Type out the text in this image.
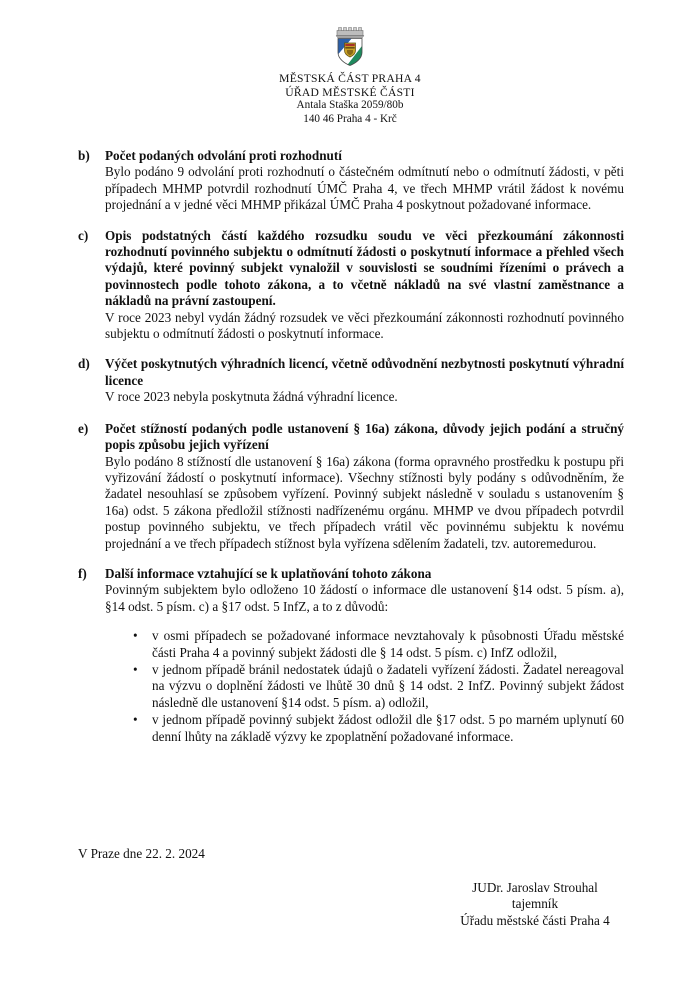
MĚSTSKÁ ČÁST PRAHA 4
ÚŘAD MĚSTSKÉ ČÁSTI
Antala Staška 2059/80b
140 46 Praha 4 - Krč
b)	Počet podaných odvolání proti rozhodnutí

Bylo podáno 9 odvolání proti rozhodnutí o částečném odmítnutí nebo o odmítnutí žádosti, v pěti případech MHMP potvrdil rozhodnutí ÚMČ Praha 4, ve třech MHMP vrátil žádost k novému projednání a v jedné věci MHMP přikázal ÚMČ Praha 4 poskytnout požadované informace.

c)	Opis podstatných částí každého rozsudku soudu ve věci přezkoumání zákonnosti rozhodnutí povinného subjektu o odmítnutí žádosti o poskytnutí informace a přehled všech výdajů, které povinný subjekt vynaložil v souvislosti se soudními řízeními o právech a povinnostech podle tohoto zákona, a to včetně nákladů na své vlastní zaměstnance a nákladů na právní zastoupení.

V roce 2023 nebyl vydán žádný rozsudek ve věci přezkoumání zákonnosti rozhodnutí povinného subjektu o odmítnutí žádosti o poskytnutí informace.

d)	Výčet poskytnutých výhradních licencí, včetně odůvodnění nezbytnosti poskytnutí výhradní licence

V roce 2023 nebyla poskytnuta žádná výhradní licence.

e)	Počet stížností podaných podle ustanovení § 16a) zákona, důvody jejich podání a stručný popis způsobu jejich vyřízení

Bylo podáno 8 stížností dle ustanovení § 16a) zákona (forma opravného prostředku k postupu při vyřizování žádostí o poskytnutí informace). Všechny stížnosti byly podány s odůvodněním, že žadatel nesouhlasí se způsobem vyřízení. Povinný subjekt následně v souladu s ustanovením § 16a) odst. 5 zákona předložil stížnosti nadřízenému orgánu. MHMP ve dvou případech potvrdil postup povinného subjektu, ve třech případech vrátil věc povinnému subjektu k novému projednání a ve třech případech stížnost byla vyřízena sdělením žadateli, tzv. autoremedurou.

f)	Další informace vztahující se k uplatňování tohoto zákona

Povinným subjektem bylo odloženo 10 žádostí o informace dle ustanovení §14 odst. 5 písm. a), §14 odst. 5 písm. c) a §17 odst. 5 InfZ, a to z důvodů:

• v osmi případech se požadované informace nevztahovaly k působnosti Úřadu městské části Praha 4 a povinný subjekt žádosti dle § 14 odst. 5 písm. c) InfZ odložil,
• v jednom případě bránil nedostatek údajů o žadateli vyřízení žádosti. Žadatel nereagoval na výzvu o doplnění žádosti ve lhůtě 30 dnů § 14 odst. 2 InfZ. Povinný subjekt žádost následně dle ustanovení §14 odst. 5 písm. a) odložil,
• v jednom případě povinný subjekt žádost odložil dle §17 odst. 5 po marném uplynutí 60 denní lhůty na základě výzvy ke zpoplatnění požadované informace.
V Praze dne 22. 2. 2024
JUDr. Jaroslav Strouhal
tajemník
Úřadu městské části Praha 4
